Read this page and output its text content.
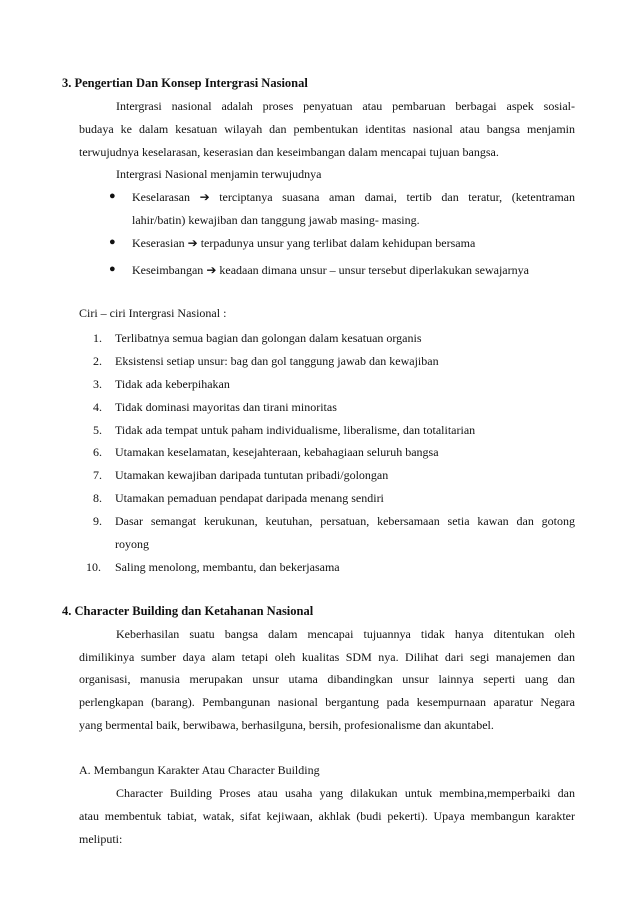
3. Pengertian Dan Konsep Intergrasi Nasional
Intergrasi nasional adalah proses penyatuan atau pembaruan berbagai aspek sosial-
budaya ke dalam kesatuan wilayah dan pembentukan identitas nasional atau bangsa menjamin
terwujudnya keselarasan, keserasian dan keseimbangan dalam mencapai tujuan bangsa.
Intergrasi Nasional menjamin terwujudnya
● Keselarasan ➔ terciptanya suasana aman damai, tertib dan teratur, (ketentraman
lahir/batin) kewajiban dan tanggung jawab masing- masing.
● Keserasian ➔ terpadunya unsur yang terlibat dalam kehidupan bersama
● Keseimbangan ➔ keadaan dimana unsur – unsur tersebut diperlakukan sewajarnya
Ciri – ciri Intergrasi Nasional :
1. Terlibatnya semua bagian dan golongan dalam kesatuan organis
2. Eksistensi setiap unsur: bag dan gol tanggung jawab dan kewajiban
3. Tidak ada keberpihakan
4. Tidak dominasi mayoritas dan tirani minoritas
5. Tidak ada tempat untuk paham individualisme, liberalisme, dan totalitarian
6. Utamakan keselamatan, kesejahteraan, kebahagiaan seluruh bangsa
7. Utamakan kewajiban daripada tuntutan pribadi/golongan
8. Utamakan pemaduan pendapat daripada menang sendiri
9. Dasar semangat kerukunan, keutuhan, persatuan, kebersamaan setia kawan dan gotong
royong
10. Saling menolong, membantu, dan bekerjasama
4. Character Building dan Ketahanan Nasional
Keberhasilan suatu bangsa dalam mencapai tujuannya tidak hanya ditentukan oleh
dimilikinya sumber daya alam tetapi oleh kualitas SDM nya. Dilihat dari segi manajemen dan
organisasi, manusia merupakan unsur utama dibandingkan unsur lainnya seperti uang dan
perlengkapan (barang). Pembangunan nasional bergantung pada kesempurnaan aparatur Negara
yang bermental baik, berwibawa, berhasilguna, bersih, profesionalisme dan akuntabel.
A. Membangun Karakter Atau Character Building
Character Building Proses atau usaha yang dilakukan untuk membina,memperbaiki dan
atau membentuk tabiat, watak, sifat kejiwaan, akhlak (budi pekerti). Upaya membangun karakter
meliputi:
